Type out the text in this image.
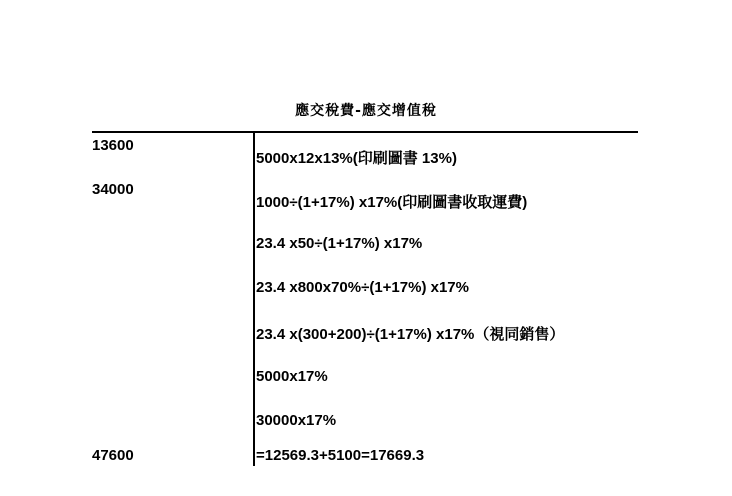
應交稅費-應交增值稅
13600
34000
47600
5000x12x13%(印刷圖書 13%)
1000÷(1+17%) x17%(印刷圖書收取運費)
23.4 x50÷(1+17%) x17%
23.4 x800x70%÷(1+17%) x17%
23.4 x(300+200)÷(1+17%) x17%（視同銷售）
5000x17%
30000x17%
=12569.3+5100=17669.3
